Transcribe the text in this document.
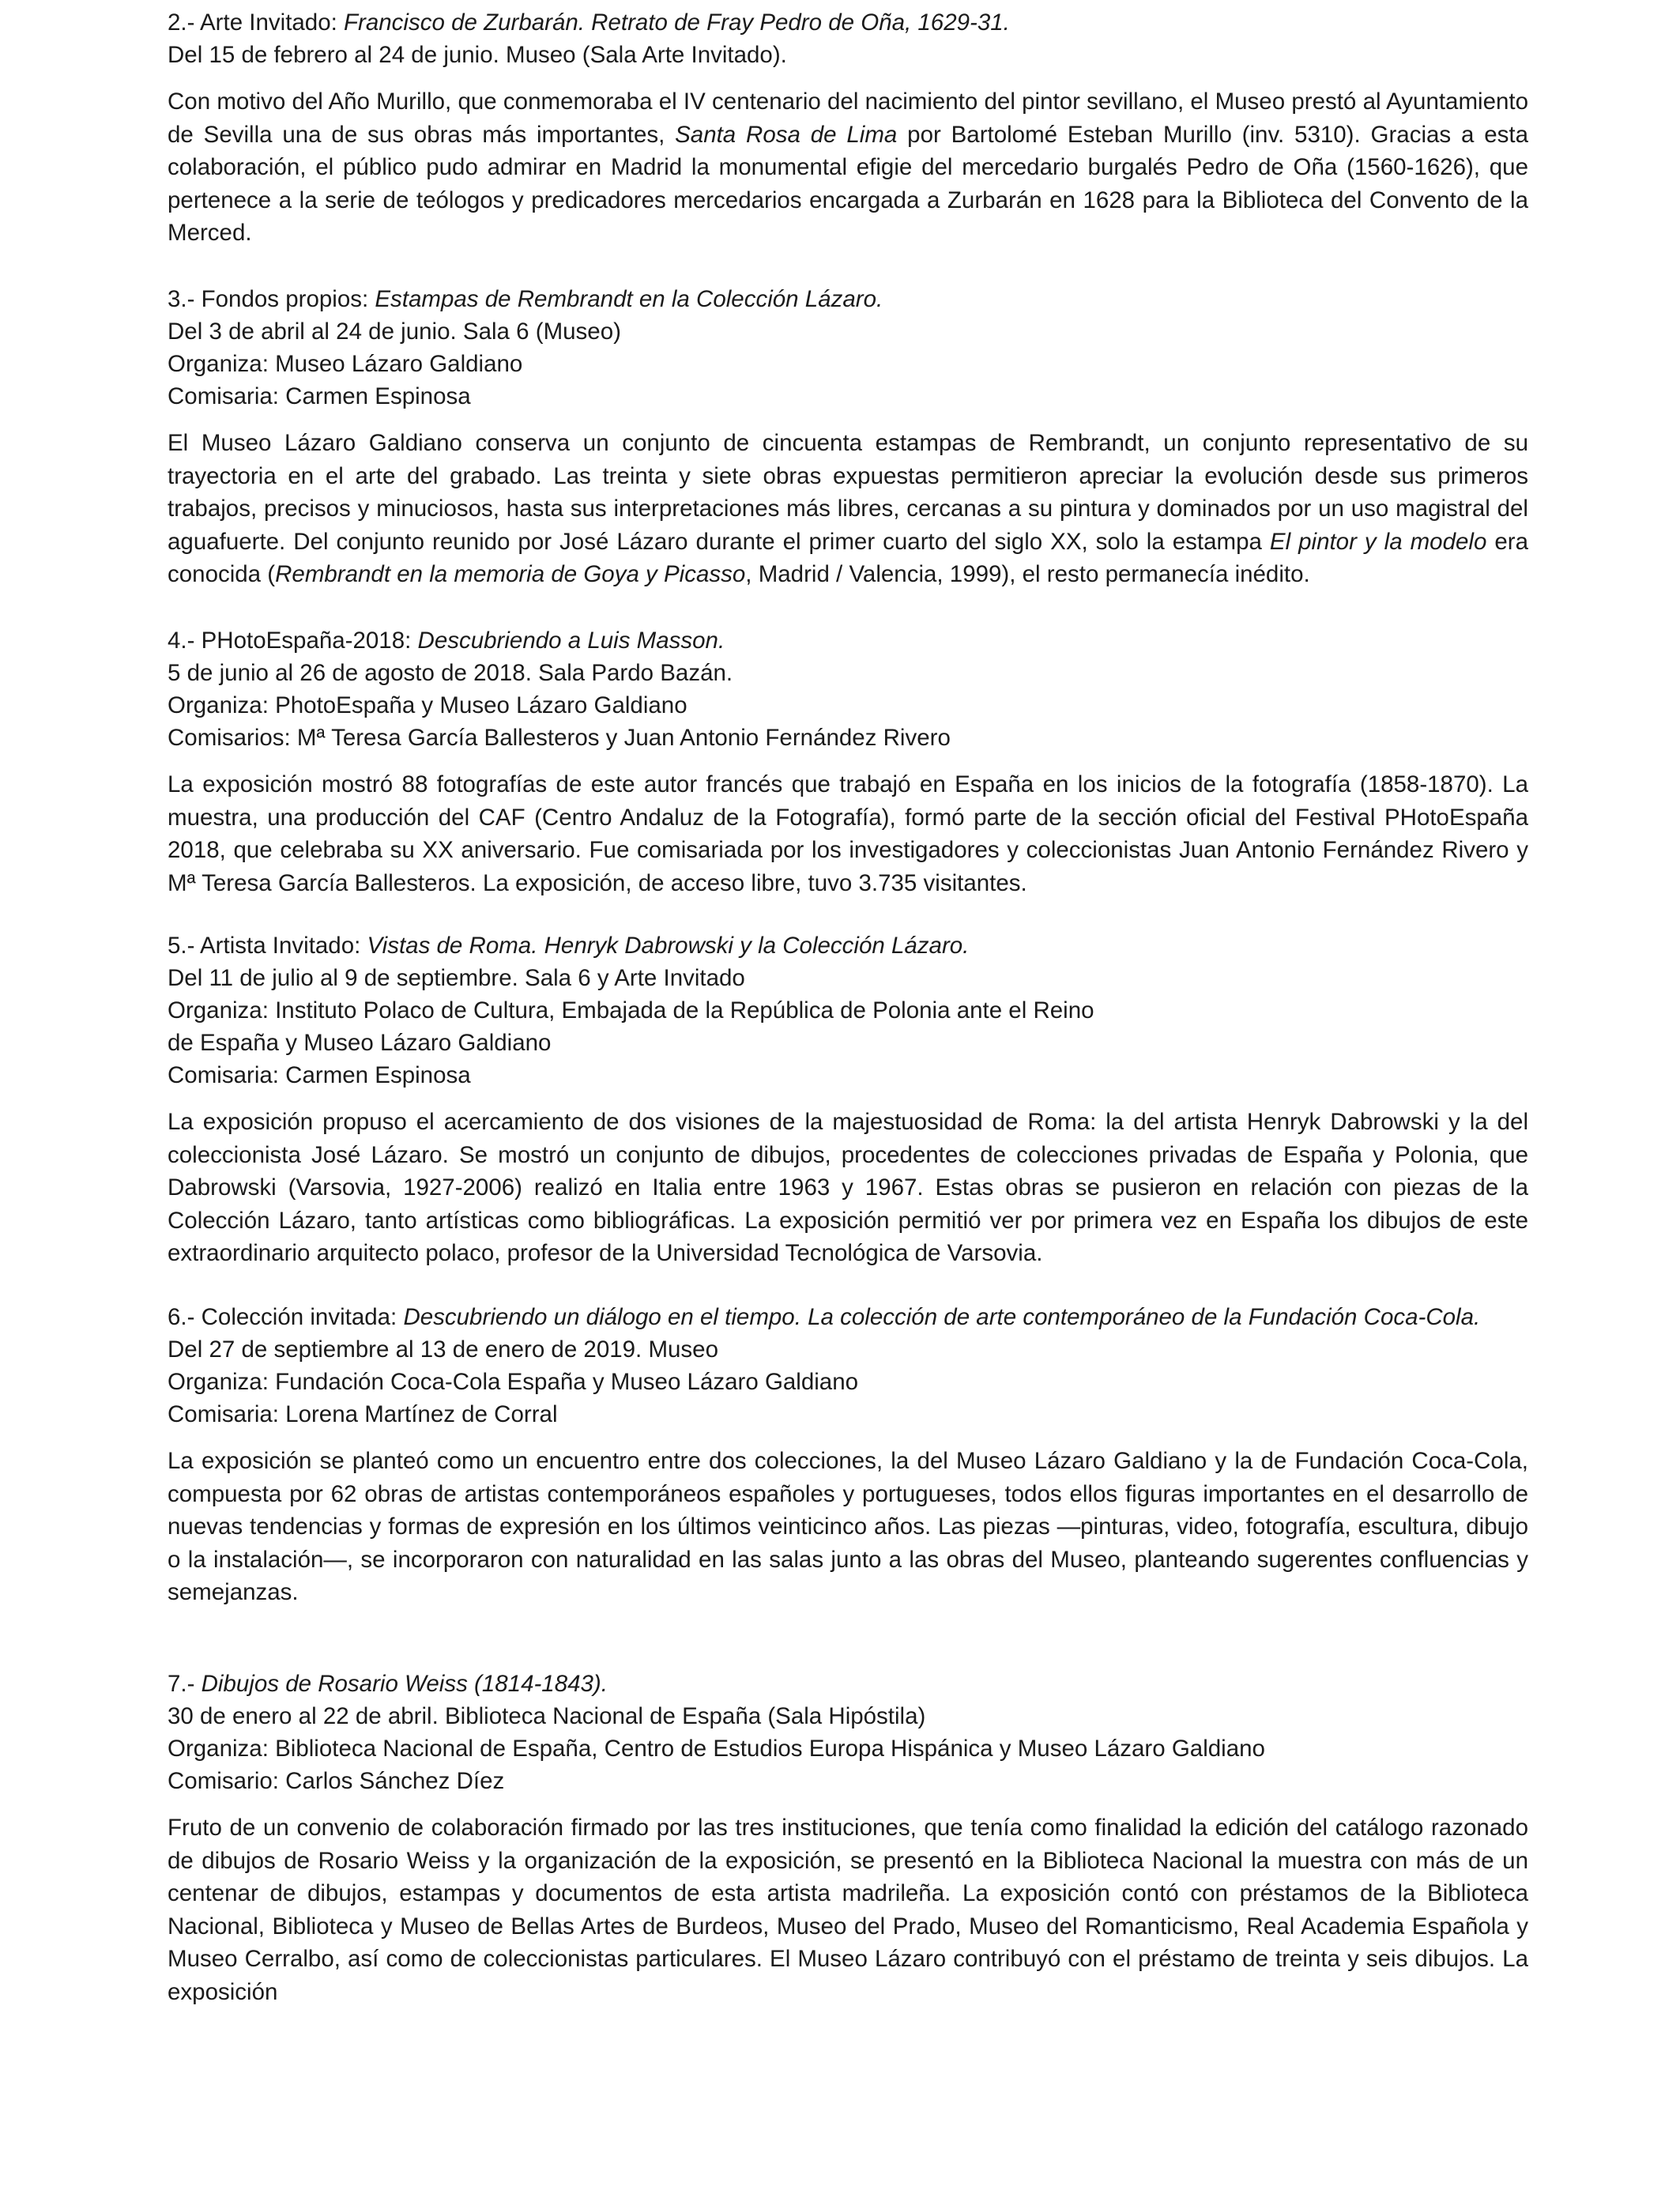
2.- Arte Invitado: Francisco de Zurbarán. Retrato de Fray Pedro de Oña, 1629-31.

Del 15 de febrero al 24 de junio. Museo (Sala Arte Invitado).

Con motivo del Año Murillo, que conmemoraba el IV centenario del nacimiento del pintor sevillano, el Museo prestó al Ayuntamiento de Sevilla una de sus obras más importantes, Santa Rosa de Lima por Bartolomé Esteban Murillo (inv. 5310). Gracias a esta colaboración, el público pudo admirar en Madrid la monumental efigie del mercedario burgalés Pedro de Oña (1560-1626), que pertenece a la serie de teólogos y predicadores mercedarios encargada a Zurbarán en 1628 para la Biblioteca del Convento de la Merced.

3.- Fondos propios: Estampas de Rembrandt en la Colección Lázaro.

Del 3 de abril al 24 de junio. Sala 6 (Museo)

Organiza: Museo Lázaro Galdiano

Comisaria: Carmen Espinosa

El Museo Lázaro Galdiano conserva un conjunto de cincuenta estampas de Rembrandt, un conjunto representativo de su trayectoria en el arte del grabado. Las treinta y siete obras expuestas permitieron apreciar la evolución desde sus primeros trabajos, precisos y minuciosos, hasta sus interpretaciones más libres, cercanas a su pintura y dominados por un uso magistral del aguafuerte. Del conjunto reunido por José Lázaro durante el primer cuarto del siglo XX, solo la estampa El pintor y la modelo era conocida (Rembrandt en la memoria de Goya y Picasso, Madrid / Valencia, 1999), el resto permanecía inédito.

4.- PHotoEspaña-2018: Descubriendo a Luis Masson.

5 de junio al 26 de agosto de 2018. Sala Pardo Bazán.

Organiza: PhotoEspaña y Museo Lázaro Galdiano

Comisarios: Mª Teresa García Ballesteros y Juan Antonio Fernández Rivero

La exposición mostró 88 fotografías de este autor francés que trabajó en España en los inicios de la fotografía (1858-1870). La muestra, una producción del CAF (Centro Andaluz de la Fotografía), formó parte de la sección oficial del Festival PHotoEspaña 2018, que celebraba su XX aniversario. Fue comisariada por los investigadores y coleccionistas Juan Antonio Fernández Rivero y Mª Teresa García Ballesteros. La exposición, de acceso libre, tuvo 3.735 visitantes.

5.- Artista Invitado: Vistas de Roma. Henryk Dabrowski y la Colección Lázaro.

Del 11 de julio al 9 de septiembre. Sala 6 y Arte Invitado

Organiza: Instituto Polaco de Cultura, Embajada de la República de Polonia ante el Reino

de España y Museo Lázaro Galdiano

Comisaria: Carmen Espinosa

La exposición propuso el acercamiento de dos visiones de la majestuosidad de Roma: la del artista Henryk Dabrowski y la del coleccionista José Lázaro. Se mostró un conjunto de dibujos, procedentes de colecciones privadas de España y Polonia, que Dabrowski (Varsovia, 1927-2006) realizó en Italia entre 1963 y 1967. Estas obras se pusieron en relación con piezas de la Colección Lázaro, tanto artísticas como bibliográficas. La exposición permitió ver por primera vez en España los dibujos de este extraordinario arquitecto polaco, profesor de la Universidad Tecnológica de Varsovia.

6.- Colección invitada: Descubriendo un diálogo en el tiempo. La colección de arte contemporáneo de la Fundación Coca-Cola.

Del 27 de septiembre al 13 de enero de 2019. Museo

Organiza: Fundación Coca-Cola España y Museo Lázaro Galdiano

Comisaria: Lorena Martínez de Corral

La exposición se planteó como un encuentro entre dos colecciones, la del Museo Lázaro Galdiano y la de Fundación Coca-Cola, compuesta por 62 obras de artistas contemporáneos españoles y portugueses, todos ellos figuras importantes en el desarrollo de nuevas tendencias y formas de expresión en los últimos veinticinco años. Las piezas —pinturas, video, fotografía, escultura, dibujo o la instalación—, se incorporaron con naturalidad en las salas junto a las obras del Museo, planteando sugerentes confluencias y semejanzas.

7.- Dibujos de Rosario Weiss (1814-1843).

30 de enero al 22 de abril. Biblioteca Nacional de España (Sala Hipóstila)

Organiza: Biblioteca Nacional de España, Centro de Estudios Europa Hispánica y Museo Lázaro Galdiano

Comisario: Carlos Sánchez Díez

Fruto de un convenio de colaboración firmado por las tres instituciones, que tenía como finalidad la edición del catálogo razonado de dibujos de Rosario Weiss y la organización de la exposición, se presentó en la Biblioteca Nacional la muestra con más de un centenar de dibujos, estampas y documentos de esta artista madrileña. La exposición contó con préstamos de la Biblioteca Nacional, Biblioteca y Museo de Bellas Artes de Burdeos, Museo del Prado, Museo del Romanticismo, Real Academia Española y Museo Cerralbo, así como de coleccionistas particulares. El Museo Lázaro contribuyó con el préstamo de treinta y seis dibujos. La exposición
